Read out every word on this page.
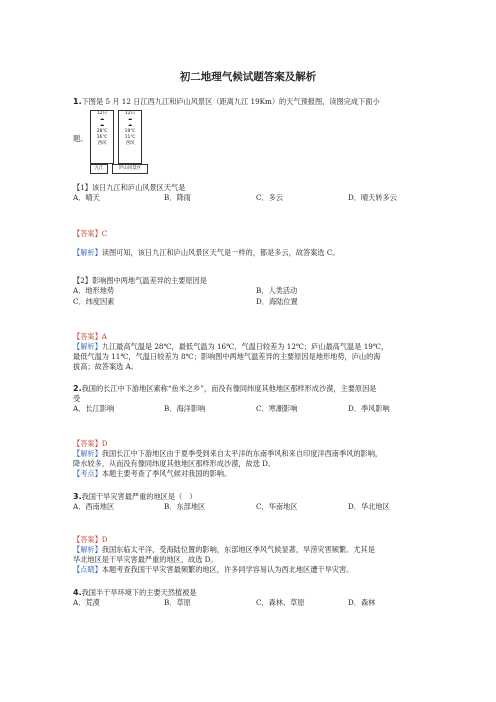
初二地理气候试题答案及解析
1.下图是 5 月 12 日江西九江和庐山风景区（距离九江 19Km）的天气预报图，读图完成下面小
题。
12日
☁
☁
28℃
16℃
西风
12日
☁
☁
19℃
11℃
西风
九江	庐山风景区
【1】该日九江和庐山风景区天气是
A．晴天	B．降雨	C．多云	D．晴天转多云
【答案】C
【解析】读图可知，该日九江和庐山风景区天气是一样的，都是多云，故答案选 C。
【2】影响图中两地气温差异的主要原因是
A．地形地势	B．人类活动
C．纬度因素	D．海陆位置
【答案】A
【解析】九江最高气温是 28℃，最低气温为 16℃，气温日较差为 12℃；庐山最高气温是 19℃，
最低气温为 11℃，气温日较差为 8℃；影响图中两地气温差异的主要原因是地形地势，庐山的海
拔高；故答案选 A。
2.我国的长江中下游地区素称“鱼米之乡”，而没有像同纬度其他地区那样形成沙漠，主要原因是
受
A．长江影响	B．海洋影响	C．寒潮影响	D．季风影响
【答案】D
【解析】我国长江中下游地区由于夏季受到来自太平洋的东南季风和来自印度洋西南季风的影响，
降水较多，从而没有像同纬度其他地区那样形成沙漠，故选 D。
【考点】本题主要考查了季风气候对我国的影响。
3.我国干旱灾害最严重的地区是（　）
A．西南地区	B．东部地区	C．华南地区	D．华北地区
【答案】D
【解析】我国东临太平洋，受海陆位置的影响，东部地区季风气候显著，旱涝灾害频繁。尤其是
华北地区是干旱灾害最严重的地区，故选 D。
【点睛】本题考查我国干旱灾害最频繁的地区，许多同学容易认为西北地区遭干旱灾害。
4.我国半干旱环境下的主要天然植被是
A．荒漠	B．草原	C．森林、草原	D．森林
